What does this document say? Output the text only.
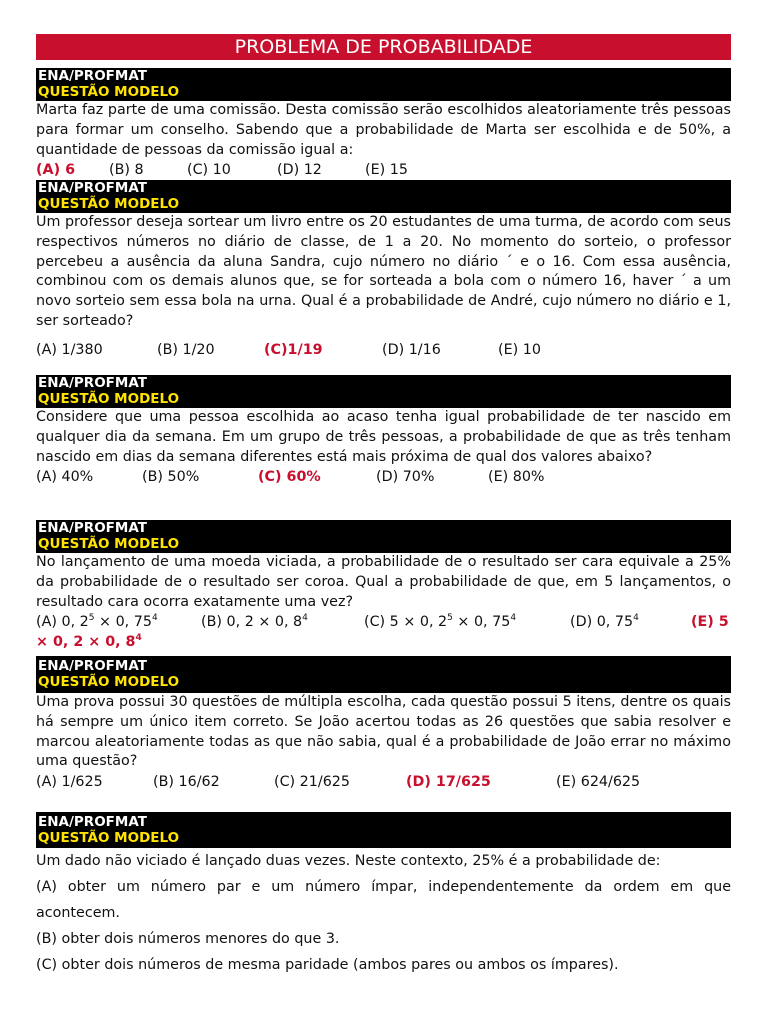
PROBLEMA DE PROBABILIDADE
ENA/PROFMAT
QUESTÃO MODELO

Marta faz parte de uma comissão. Desta comissão serão escolhidos aleatoriamente três pessoas para formar um conselho. Sabendo que a probabilidade de Marta ser escolhida e de 50%, a quantidade de pessoas da comissão igual a:

(A) 6 (B) 8	(C) 10	(D) 12	(E) 15
ENA/PROFMAT
QUESTÃO MODELO

Um professor deseja sortear um livro entre os 20 estudantes de uma turma, de acordo com seus respectivos números no diário de classe, de 1 a 20. No momento do sorteio, o professor percebeu a ausência da aluna Sandra, cujo número no diário ´ e o 16. Com essa ausência, combinou com os demais alunos que, se for sorteada a bola com o número 16, haver ´ a um novo sorteio sem essa bola na urna. Qual é a probabilidade de André, cujo número no diário e 1, ser sorteado?

(A) 1/380	(B) 1/20	(C)1/19	(D) 1/16	(E) 10
ENA/PROFMAT
QUESTÃO MODELO

Considere que uma pessoa escolhida ao acaso tenha igual probabilidade de ter nascido em qualquer dia da semana. Em um grupo de três pessoas, a probabilidade de que as três tenham nascido em dias da semana diferentes está mais próxima de qual dos valores abaixo?

(A) 40%	(B) 50%	(C) 60%	(D) 70%	(E) 80%
ENA/PROFMAT
QUESTÃO MODELO

No lançamento de uma moeda viciada, a probabilidade de o resultado ser cara equivale a 25% da probabilidade de o resultado ser coroa. Qual a probabilidade de que, em 5 lançamentos, o resultado cara ocorra exatamente uma vez?

(A) 0, $2^5 \times 0$, $75^4$	(B) 0, 2 × 0, $8^4$	(C) 5 × 0, $2^5 \times 0$, $75^4$	(D) 0, $75^4$	(E) 5
× 0, 2 × 0, $8^4$
ENA/PROFMAT
QUESTÃO MODELO

Uma prova possui 30 questões de múltipla escolha, cada questão possui 5 itens, dentre os quais há sempre um único item correto. Se João acertou todas as 26 questões que sabia resolver e marcou aleatoriamente todas as que não sabia, qual é a probabilidade de João errar no máximo uma questão?

(A) 1/625	(B) 16/62	(C) 21/625	(D) 17/625	(E) 624/625
ENA/PROFMAT
QUESTÃO MODELO

Um dado não viciado é lançado duas vezes. Neste contexto, 25% é a probabilidade de:

(A) obter um número par e um número ímpar, independentemente da ordem em que acontecem.

(B) obter dois números menores do que 3.

(C) obter dois números de mesma paridade (ambos pares ou ambos os ímpares).
